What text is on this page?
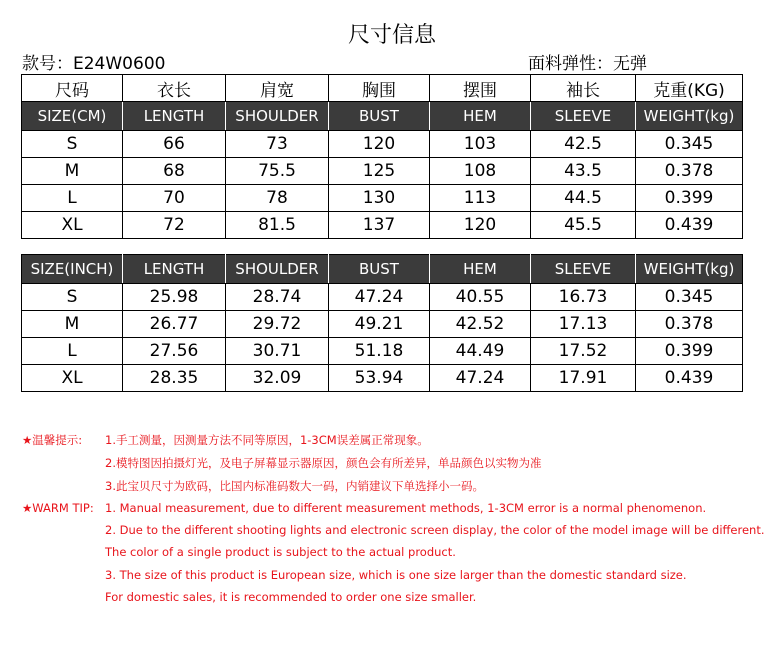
尺寸信息
款号：E24W0600	面料弹性：无弹
尺码	衣长	肩宽	胸围	摆围	袖长	克重(KG)
SIZE(CM)	LENGTH	SHOULDER	BUST	HEM	SLEEVE	WEIGHT(kg)
S	66	73	120	103	42.5	0.345
M	68	75.5	125	108	43.5	0.378
L	70	78	130	113	44.5	0.399
XL	72	81.5	137	120	45.5	0.439
SIZE(INCH)	LENGTH	SHOULDER	BUST	HEM	SLEEVE	WEIGHT(kg)
S	25.98	28.74	47.24	40.55	16.73	0.345
M	26.77	29.72	49.21	42.52	17.13	0.378
L	27.56	30.71	51.18	44.49	17.52	0.399
XL	28.35	32.09	53.94	47.24	17.91	0.439
★温馨提示: 1.手工测量，因测量方法不同等原因，1-3CM误差属正常现象。
2.模特图因拍摄灯光，及电子屏幕显示器原因，颜色会有所差异，单品颜色以实物为准
3.此宝贝尺寸为欧码，比国内标准码数大一码，内销建议下单选择小一码。
★WARM TIP: 1. Manual measurement, due to different measurement methods, 1-3CM error is a normal phenomenon.
2. Due to the different shooting lights and electronic screen display, the color of the model image will be different.
The color of a single product is subject to the actual product.
3. The size of this product is European size, which is one size larger than the domestic standard size.
For domestic sales, it is recommended to order one size smaller.
